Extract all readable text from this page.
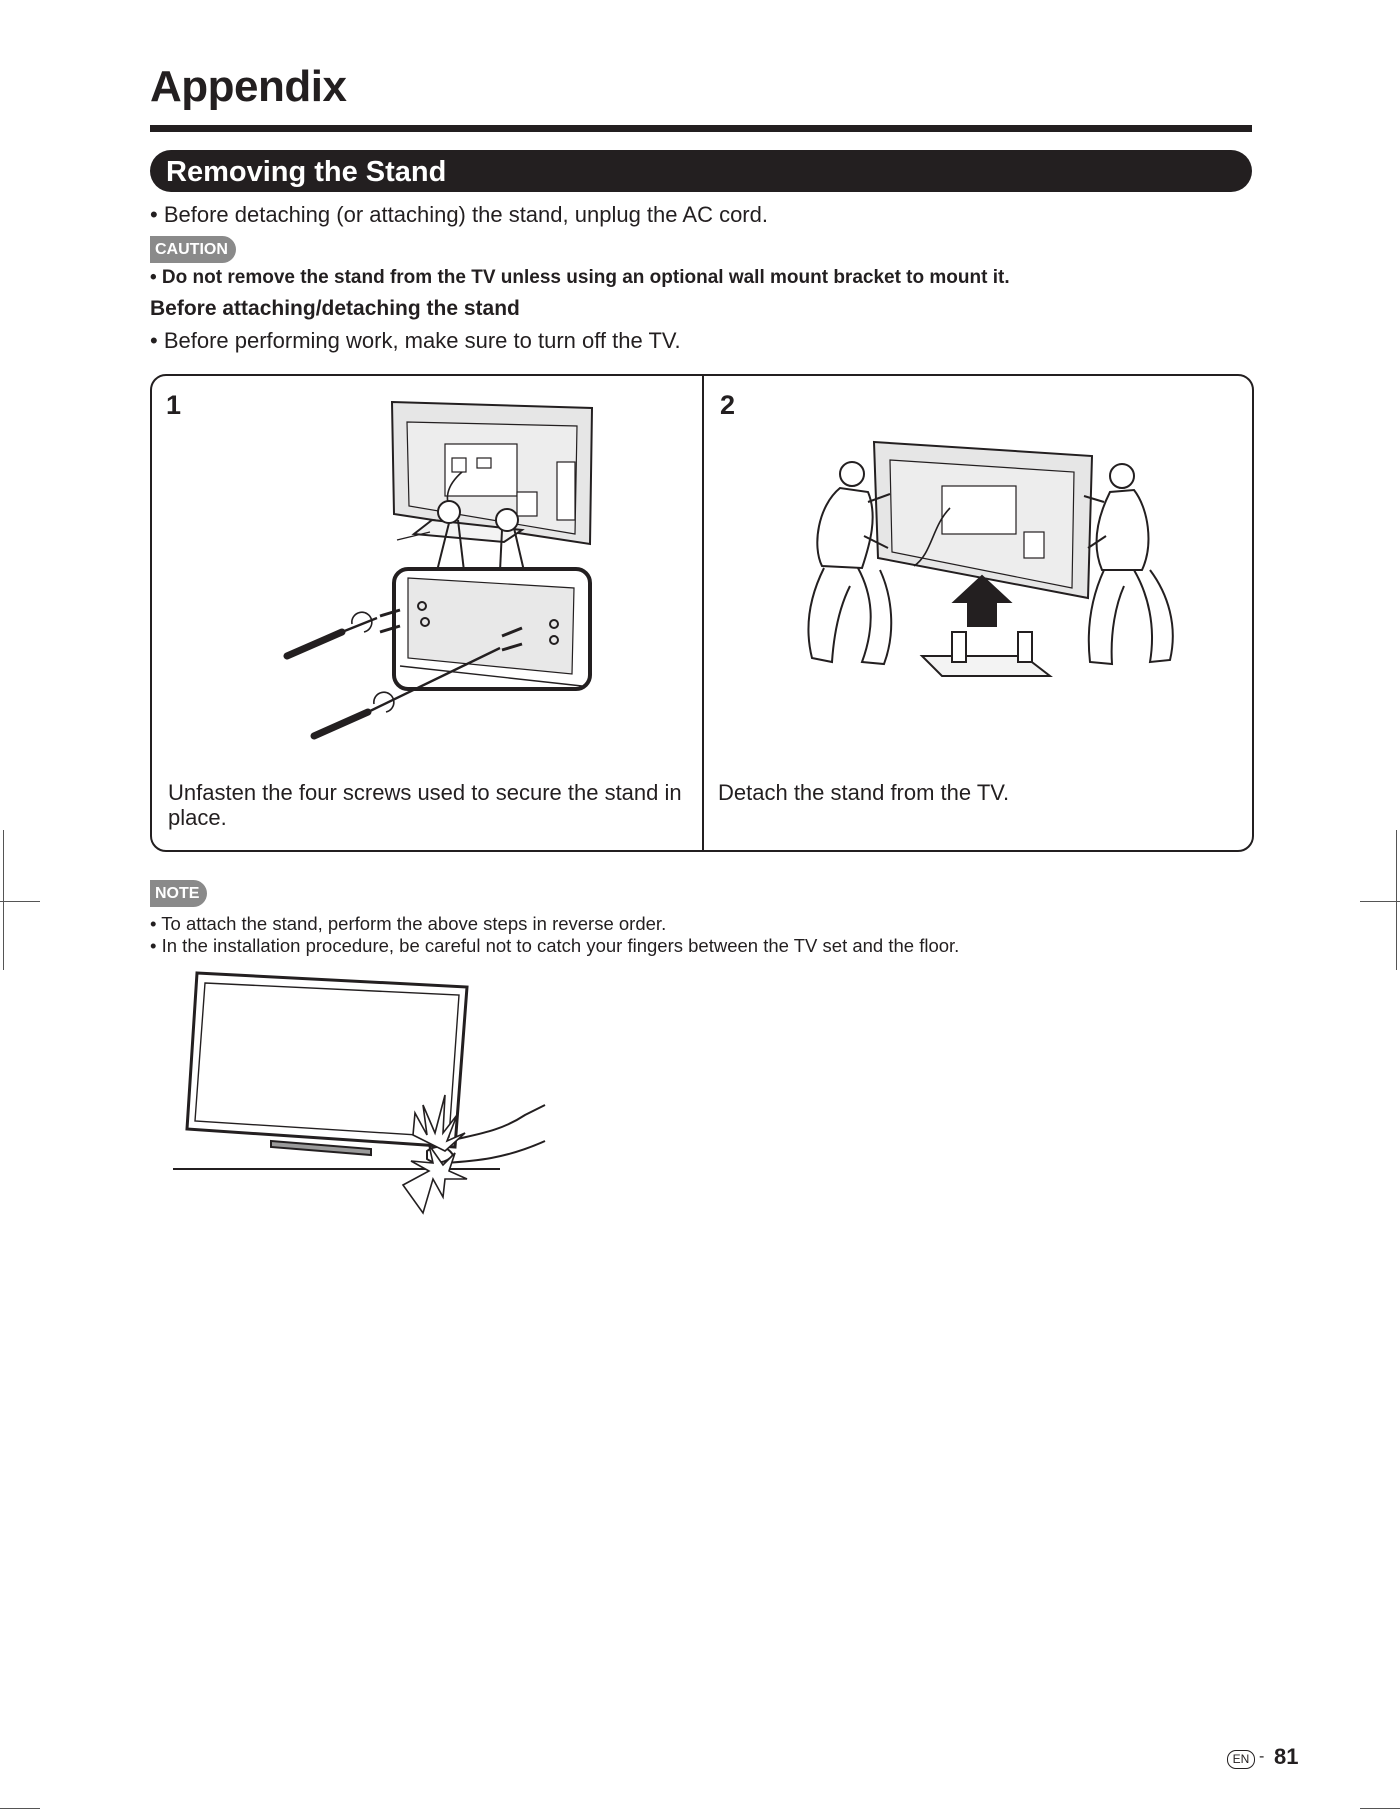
Appendix
Removing the Stand
• Before detaching (or attaching) the stand, unplug the AC cord.
CAUTION
• Do not remove the stand from the TV unless using an optional wall mount bracket to mount it.
Before attaching/detaching the stand
• Before performing work, make sure to turn off the TV.
1	2
Unfasten the four screws used to secure the stand in place.
Detach the stand from the TV.
NOTE
• To attach the stand, perform the above steps in reverse order.
• In the installation procedure, be careful not to catch your fingers between the TV set and the floor.
EN - 81
